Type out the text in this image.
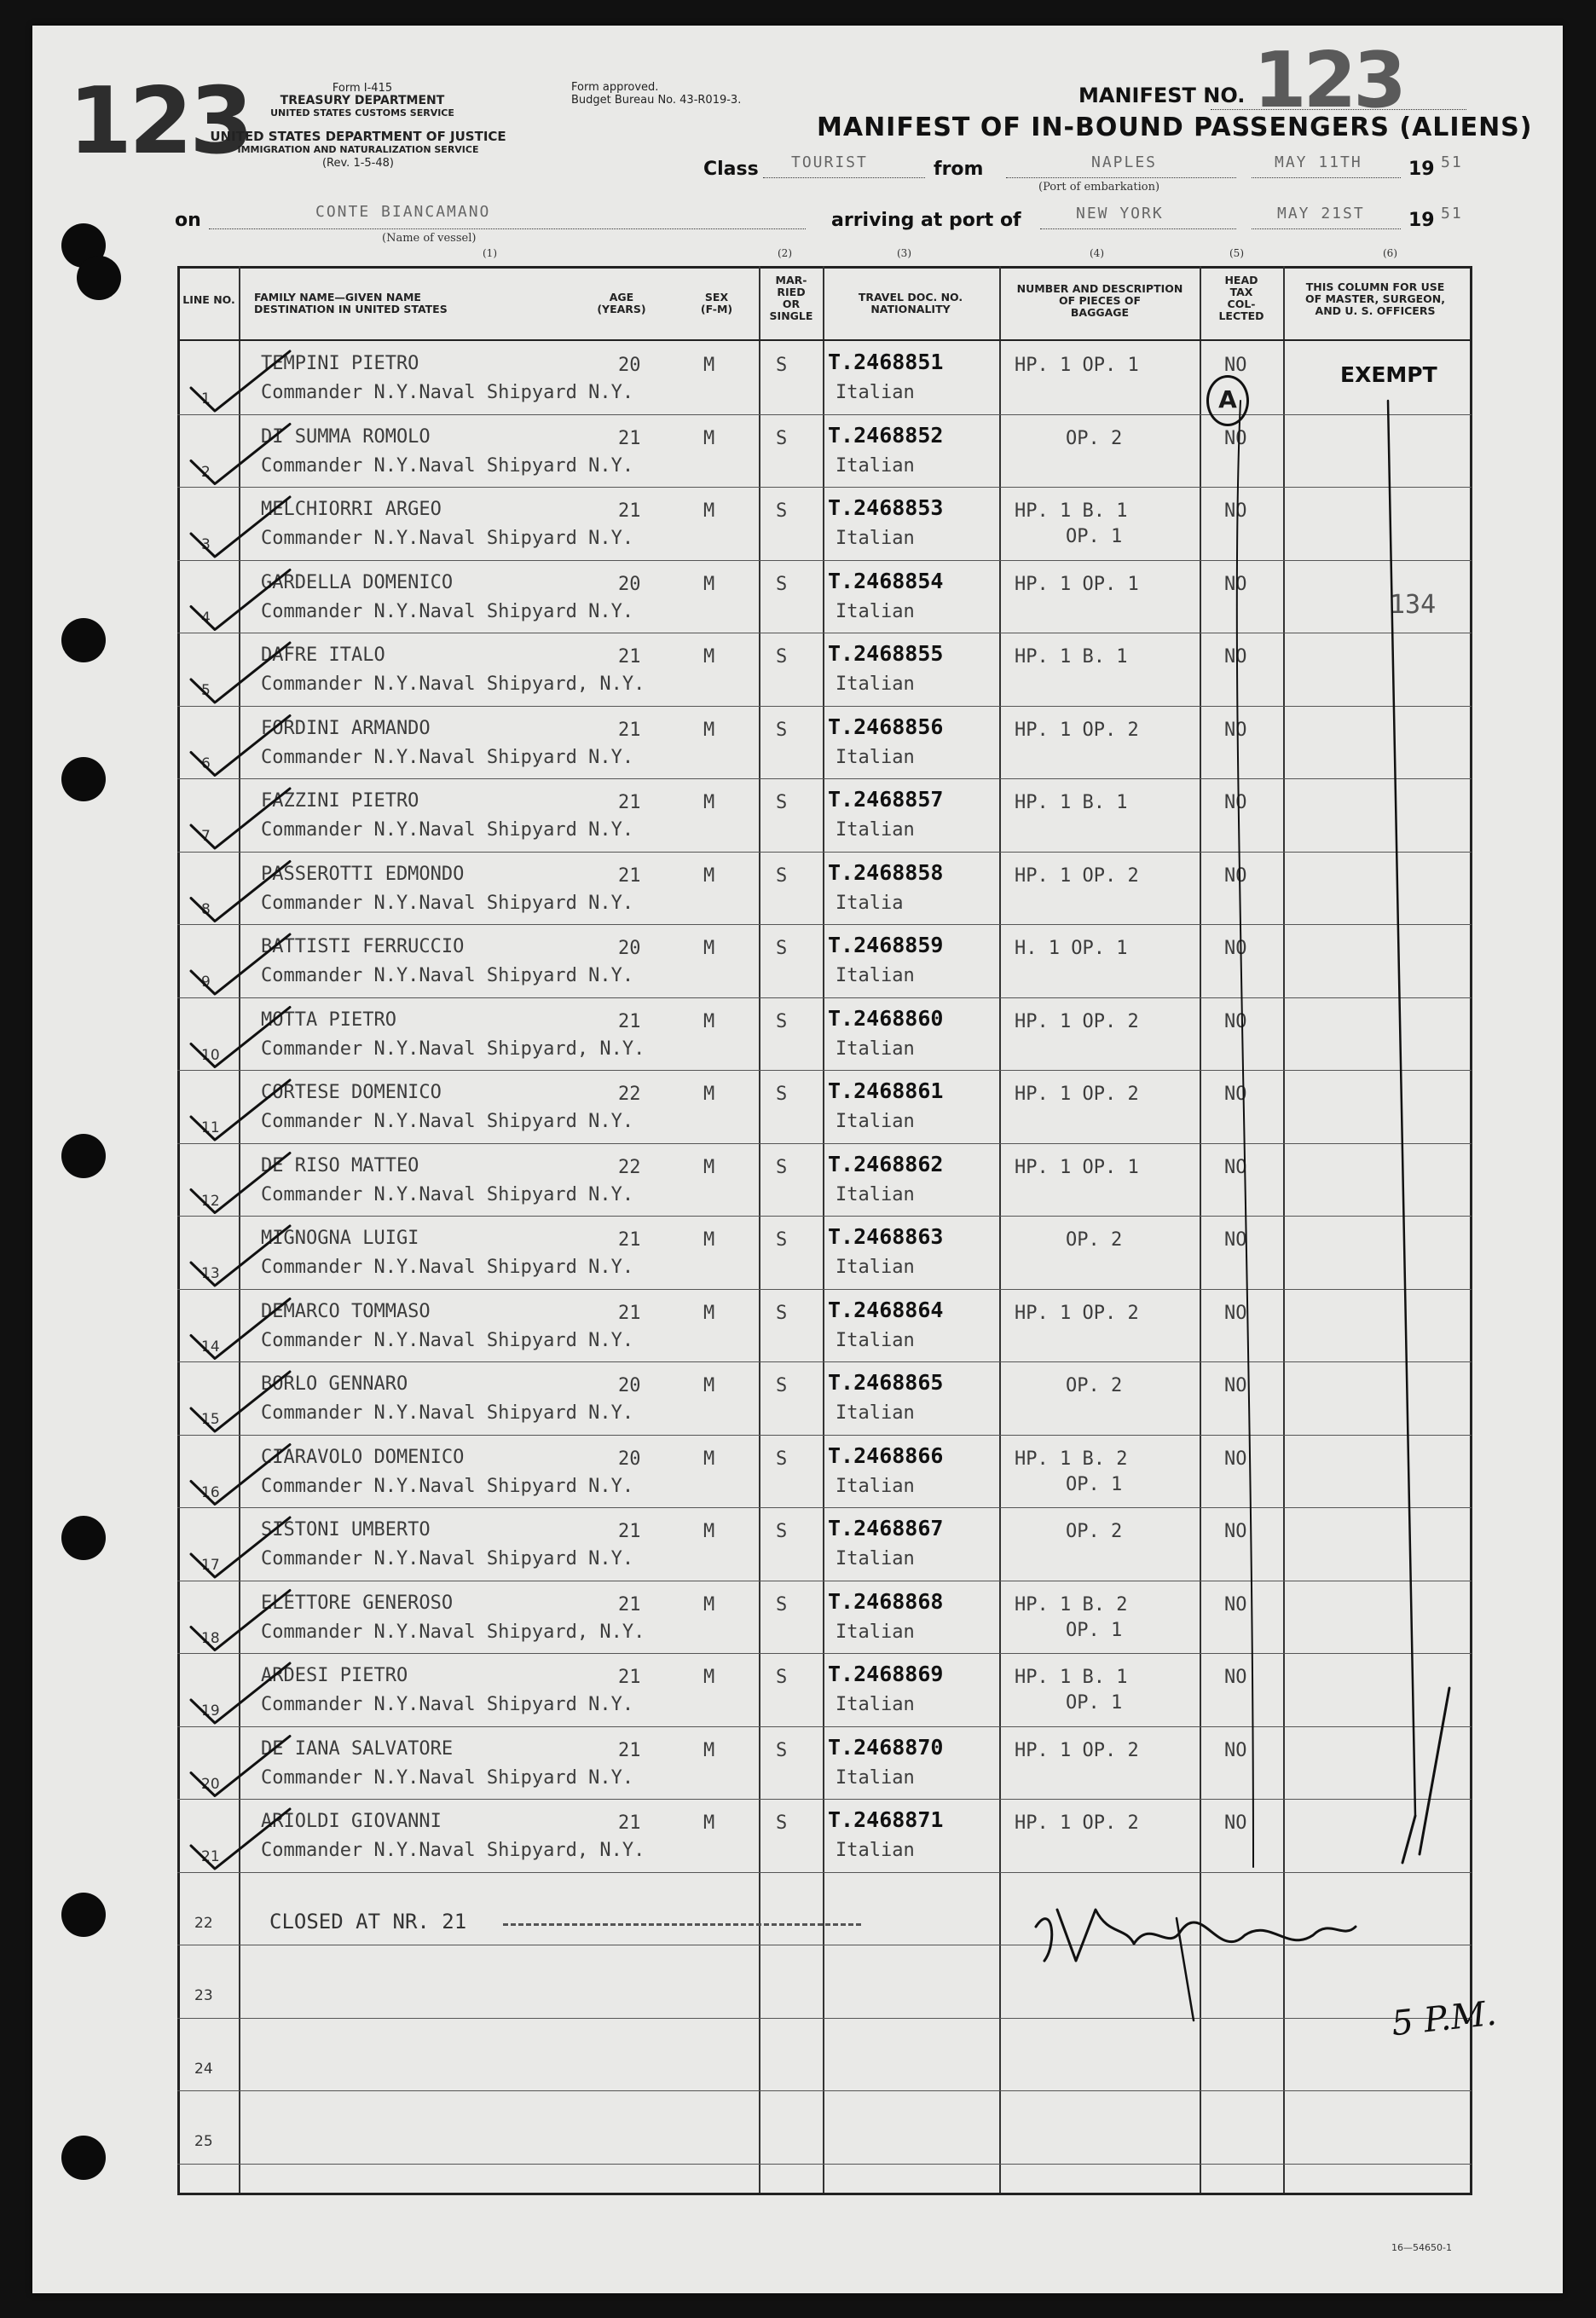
123	Form I-415
TREASURY DEPARTMENT
UNITED STATES CUSTOMS SERVICE
UNITED STATES DEPARTMENT OF JUSTICE
IMMIGRATION AND NATURALIZATION SERVICE
(Rev. 1-5-48)
Form approved.
Budget Bureau No. 43-R019-3.	MANIFEST NO. 123
MANIFEST OF IN-BOUND PASSENGERS (ALIENS)
Class TOURIST	from	NAPLES
(Port of embarkation)
MAY 11TH 19 51
on	CONTE BIANCAMANO
(Name of vessel)
arriving at port of	NEW YORK	MAY 21ST 19 51
(1)	(2)	(3)	(4)	(5)	(6)
LINE NO. FAMILY NAME—GIVEN NAME
DESTINATION IN UNITED STATES
AGE
(YEARS)
SEX
(F-M)
MAR-
RIED
OR
SINGLE
TRAVEL DOC. NO.
NATIONALITY
NUMBER AND DESCRIPTION
OF PIECES OF
BAGGAGE
HEAD
TAX
COL-
LECTED
THIS COLUMN FOR USE
OF MASTER, SURGEON,
AND U. S. OFFICERS
1
TEMPINI PIETRO
Commander N.Y.Naval Shipyard N.Y.
20	M	S T.2468851
Italian
HP. 1 OP. 1	NO
2
DI SUMMA ROMOLO
Commander N.Y.Naval Shipyard N.Y.
21	M	S T.2468852
Italian
OP. 2	NO
3
MELCHIORRI ARGEO
Commander N.Y.Naval Shipyard N.Y.
21	M	S T.2468853
Italian
HP. 1 B. 1
OP. 1
NO
4
GARDELLA DOMENICO
Commander N.Y.Naval Shipyard N.Y.
20	M	S T.2468854
Italian
HP. 1 OP. 1	NO
5
DAFRE ITALO
Commander N.Y.Naval Shipyard, N.Y.
21	M	S T.2468855
Italian
HP. 1 B. 1	NO
6
FORDINI ARMANDO
Commander N.Y.Naval Shipyard N.Y.
21	M	S T.2468856
Italian
HP. 1 OP. 2	NO
7
FAZZINI PIETRO
Commander N.Y.Naval Shipyard N.Y.
21	M	S T.2468857
Italian
HP. 1 B. 1	NO
8
PASSEROTTI EDMONDO
Commander N.Y.Naval Shipyard N.Y.
21	M	S T.2468858
Italia
HP. 1 OP. 2	NO
9
BATTISTI FERRUCCIO
Commander N.Y.Naval Shipyard N.Y.
20	M	S T.2468859
Italian
H. 1 OP. 1	NO
10
MOTTA PIETRO
Commander N.Y.Naval Shipyard, N.Y.
21	M	S T.2468860
Italian
HP. 1 OP. 2	NO
11
CORTESE DOMENICO
Commander N.Y.Naval Shipyard N.Y.
22	M	S T.2468861
Italian
HP. 1 OP. 2	NO
12
DE RISO MATTEO
Commander N.Y.Naval Shipyard N.Y.
22	M	S T.2468862
Italian
HP. 1 OP. 1	NO
13
MIGNOGNA LUIGI
Commander N.Y.Naval Shipyard N.Y.
21	M	S T.2468863
Italian
OP. 2	NO
14
DEMARCO TOMMASO
Commander N.Y.Naval Shipyard N.Y.
21	M	S T.2468864
Italian
HP. 1 OP. 2	NO
15
BORLO GENNARO
Commander N.Y.Naval Shipyard N.Y.
20	M	S T.2468865
Italian
OP. 2	NO
16
CIARAVOLO DOMENICO
Commander N.Y.Naval Shipyard N.Y.
20	M	S T.2468866
Italian
HP. 1 B. 2
OP. 1
NO
17
SISTONI UMBERTO
Commander N.Y.Naval Shipyard N.Y.
21	M	S T.2468867
Italian
OP. 2	NO
18
ELETTORE GENEROSO
Commander N.Y.Naval Shipyard, N.Y.
21	M	S T.2468868
Italian
HP. 1 B. 2
OP. 1
NO
19
ARDESI PIETRO
Commander N.Y.Naval Shipyard N.Y.
21	M	S T.2468869
Italian
HP. 1 B. 1
OP. 1
NO
20
DE IANA SALVATORE
Commander N.Y.Naval Shipyard N.Y.
21	M	S T.2468870
Italian
HP. 1 OP. 2	NO
21
ARIOLDI GIOVANNI
Commander N.Y.Naval Shipyard, N.Y.
21	M	S T.2468871
Italian
HP. 1 OP. 2	NO
22
23
24
25
CLOSED AT NR. 21
EXEMPT
A
134
5 P.M.
16—54650-1
